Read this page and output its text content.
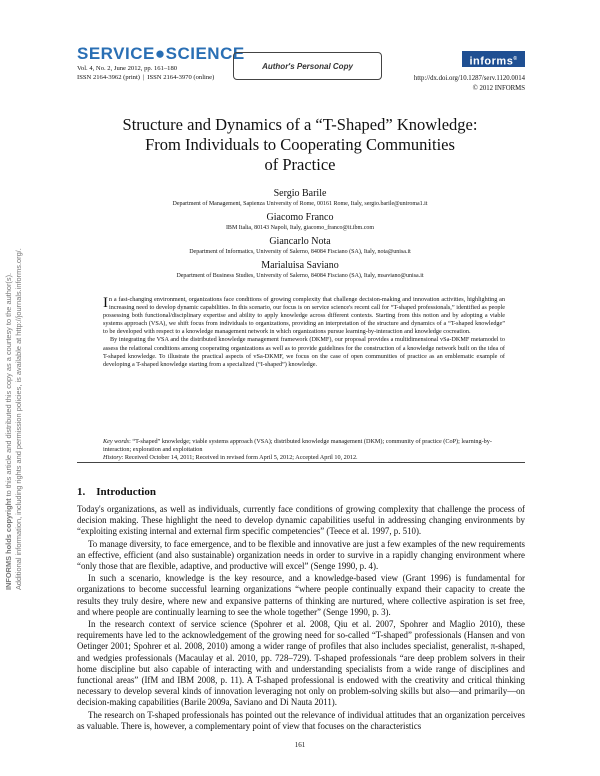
INFORMS holds copyright to this article and distributed this copy as a courtesy to the author(s). Additional information, including rights and permission policies, is available at http://journals.informs.org/.
SERVICE●SCIENCE
Vol. 4, No. 2, June 2012, pp. 161–180
ISSN 2164-3962 (print)  |  ISSN 2164-3970 (online)
Author's Personal Copy	informs®
http://dx.doi.org/10.1287/serv.1120.0014
© 2012 INFORMS
Structure and Dynamics of a “T-Shaped” Knowledge:
From Individuals to Cooperating Communities
of Practice
Sergio Barile
Department of Management, Sapienza University of Rome, 00161 Rome, Italy, sergio.barile@uniroma1.it
Giacomo Franco
IBM Italia, 80143 Napoli, Italy, giacomo_franco@it.ibm.com
Giancarlo Nota
Department of Informatics, University of Salerno, 84084 Fisciano (SA), Italy, nota@unisa.it
Marialuisa Saviano
Department of Business Studies, University of Salerno, 84084 Fisciano (SA), Italy, msaviano@unisa.it

In a fast-changing environment, organizations face conditions of growing complexity that challenge decision-making and innovation activities, highlighting an increasing need to develop dynamic capabilities. In this scenario, our focus is on service science's recent call for “T-shaped professionals,” identified as people possessing both functional/disciplinary expertise and ability to apply knowledge across different contexts. Starting from this notion and by adopting a viable systems approach (VSA), we shift focus from individuals to organizations, providing an interpretation of the structure and dynamics of a “T-shaped knowledge” to be developed with respect to a knowledge management network in which organizations pursue learning-by-interaction and knowledge cocreation.

By integrating the VSA and the distributed knowledge management framework (DKMF), our proposal provides a multidimensional vSa-DKMF metamodel to assess the relational conditions among cooperating organizations as well as to provide guidelines for the construction of a knowledge network built on the idea of T-shaped knowledge. To illustrate the practical aspects of vSa-DKMF, we focus on the case of open communities of practice as an emblematic example of developing a T-shaped knowledge starting from a specialized (“I-shaped”) knowledge.

Key words: “T-shaped” knowledge; viable systems approach (VSA); distributed knowledge management (DKM); community of practice (CoP); learning-by-interaction; exploration and exploitation
History: Received October 14, 2011; Received in revised form April 5, 2012; Accepted April 10, 2012.
1. Introduction

Today's organizations, as well as individuals, currently face conditions of growing complexity that challenge the process of decision making. These highlight the need to develop dynamic capabilities useful in addressing changing environments by “exploiting existing internal and external firm specific competencies” (Teece et al. 1997, p. 510).

To manage diversity, to face emergence, and to be flexible and innovative are just a few examples of the new requirements an effective, efficient (and also sustainable) organization needs in order to survive in a rapidly changing environment where “only those that are flexible, adaptive, and productive will excel” (Senge 1990, p. 4).

In such a scenario, knowledge is the key resource, and a knowledge-based view (Grant 1996) is fundamental for organizations to become successful learning organizations “where people continually expand their capacity to create the results they truly desire, where new and expansive patterns of thinking are nurtured, where collective aspiration is set free, and where people are continually learning to see the whole together” (Senge 1990, p. 3).

In the research context of service science (Spohrer et al. 2008, Qiu et al. 2007, Spohrer and Maglio 2010), these requirements have led to the acknowledgement of the growing need for so-called “T-shaped” professionals (Hansen and von Oetinger 2001; Spohrer et al. 2008, 2010) among a wider range of profiles that also includes specialist, generalist, π-shaped, and wedgies professionals (Macaulay et al. 2010, pp. 728–729). T-shaped professionals “are deep problem solvers in their home discipline but also capable of interacting with and understanding specialists from a wide range of disciplines and functional areas” (IfM and IBM 2008, p. 11). A T-shaped professional is endowed with the creativity and critical thinking necessary to develop several kinds of innovation leveraging not only on problem-solving skills but also—and primarily—on decision-making capabilities (Barile 2009a, Saviano and Di Nauta 2011).

The research on T-shaped professionals has pointed out the relevance of individual attitudes that an organization perceives as valuable. There is, however, a complementary point of view that focuses on the characteristics

161
